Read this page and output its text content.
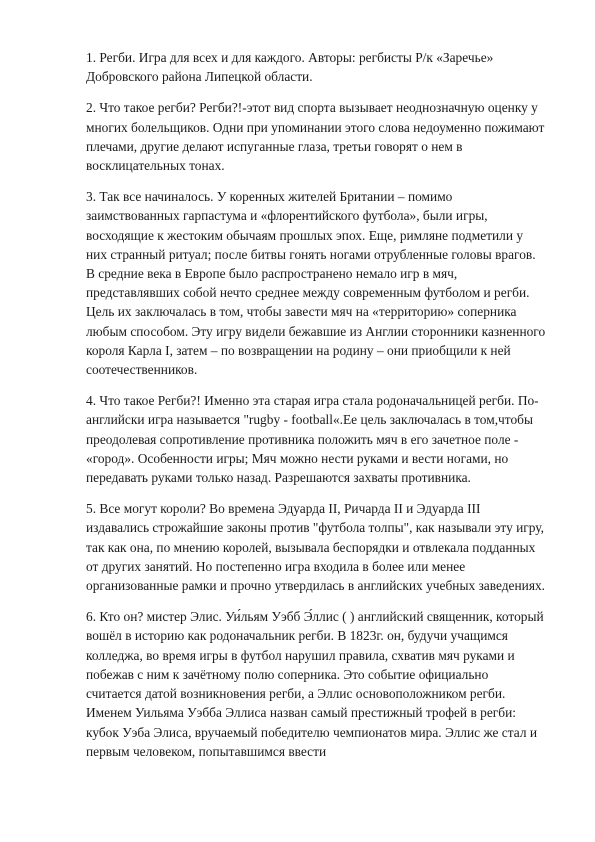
1. Регби. Игра для всех и для каждого. Авторы: регбисты Р/к «Заречье» Добровского района Липецкой области.

2. Что такое регби? Регби?!-этот вид спорта вызывает неоднозначную оценку у многих болельщиков. Одни при упоминании этого слова недоуменно пожимают плечами, другие делают испуганные глаза, третьи говорят о нем в восклицательных тонах.

3. Так все начиналось. У коренных жителей Британии – помимо заимствованных гарпастума и «флорентийского футбола», были игры, восходящие к жестоким обычаям прошлых эпох. Еще, римляне подметили у них странный ритуал; после битвы гонять ногами отрубленные головы врагов. В средние века в Европе было распространено немало игр в мяч, представлявших собой нечто среднее между современным футболом и регби. Цель их заключалась в том, чтобы завести мяч на «территорию» соперника любым способом. Эту игру видели бежавшие из Англии сторонники казненного короля Карла I, затем – по возвращении на родину – они приобщили к ней соотечественников.

4. Что такое Регби?! Именно эта старая игра стала родоначальницей регби. По-английски игра называется "rugby - football«.Ее цель заключалась в том,чтобы преодолевая сопротивление противника положить мяч в его зачетное поле - «город». Особенности игры; Мяч можно нести руками и вести ногами, но передавать руками только назад. Разрешаются захваты противника.

5. Все могут короли? Во времена Эдуарда II, Ричарда II и Эдуарда III издавались строжайшие законы против "футбола толпы", как называли эту игру, так как она, по мнению королей, вызывала беспорядки и отвлекала подданных от других занятий. Но постепенно игра входила в более или менее организованные рамки и прочно утвердилась в английских учебных заведениях.

6. Кто он? мистер Элис. Уи́льям Уэбб Э́ллис ( ) английский священник, который вошёл в историю как родоначальник регби. В 1823г. он, будучи учащимся колледжа, во время игры в футбол нарушил правила, схватив мяч руками и побежав с ним к зачётному полю соперника. Это событие официально считается датой возникновения регби, а Эллис основоположником регби. Именем Уильяма Уэбба Эллиса назван самый престижный трофей в регби: кубок Уэба Элиса, вручаемый победителю чемпионатов мира. Эллис же стал и первым человеком, попытавшимся ввести
